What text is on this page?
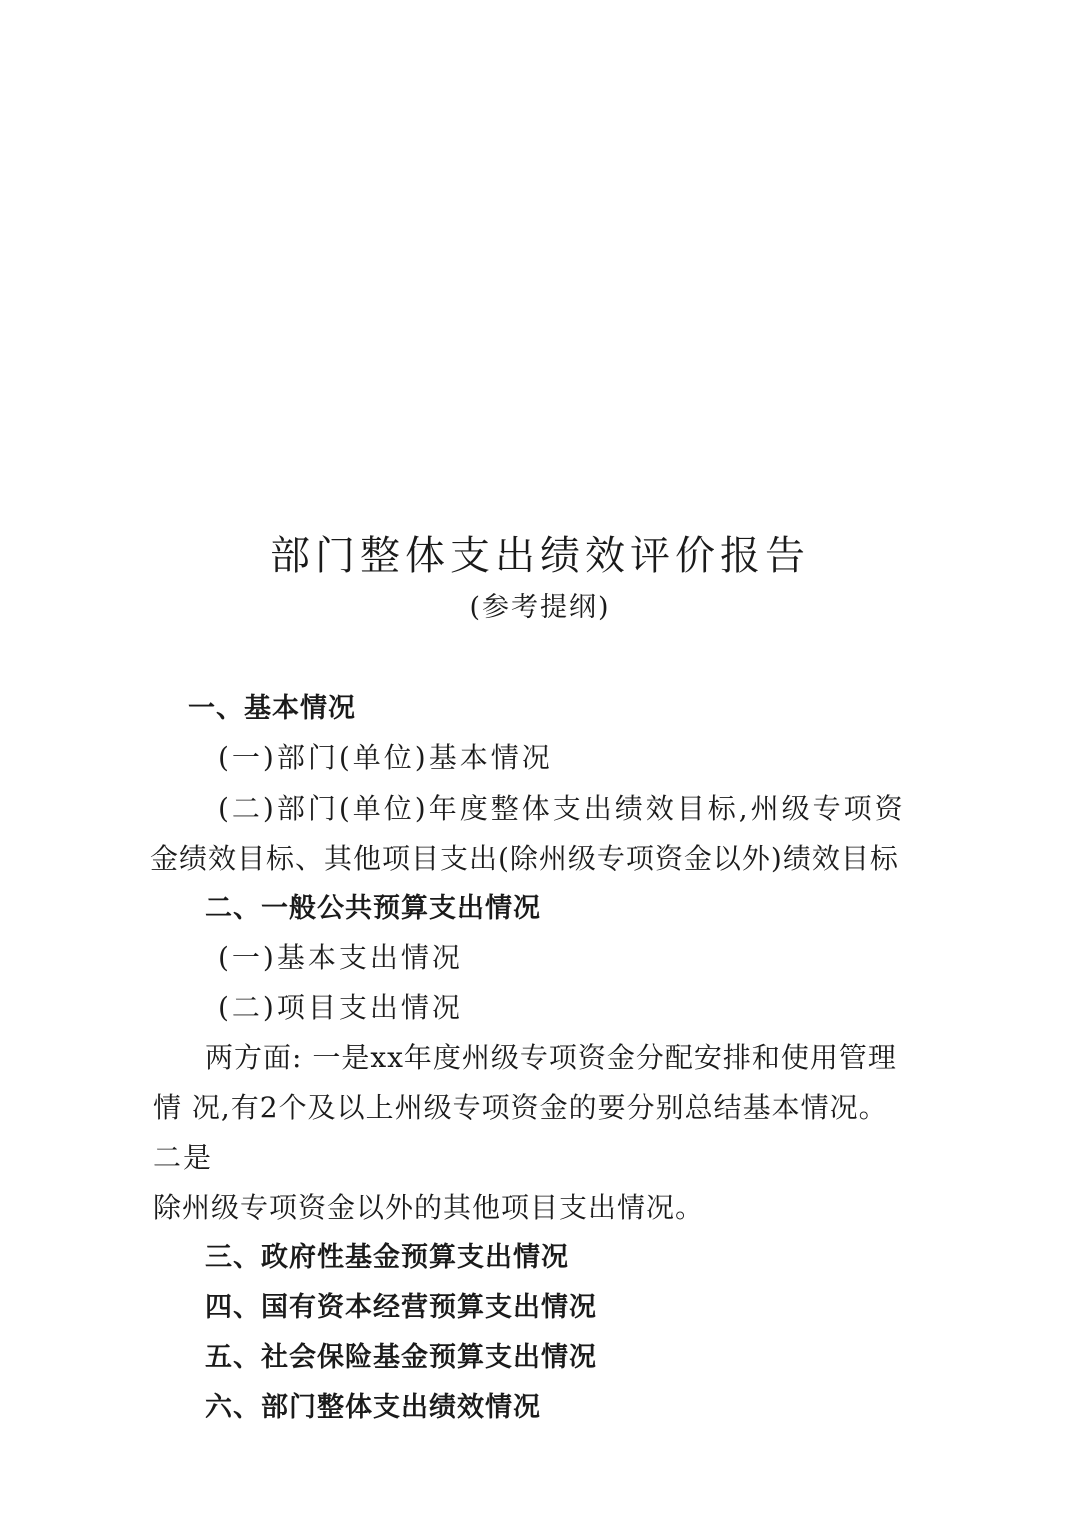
部门整体支出绩效评价报告
(参考提纲)
一、基本情况
(一)部门(单位)基本情况
(二)部门(单位)年度整体支出绩效目标,州级专项资
金绩效目标、其他项目支出(除州级专项资金以外)绩效目标
二、一般公共预算支出情况
(一)基本支出情况
(二)项目支出情况
两方面: 一是xx年度州级专项资金分配安排和使用管理
情 况,有2个及以上州级专项资金的要分别总结基本情况。
二是
除州级专项资金以外的其他项目支出情况。
三、政府性基金预算支出情况
四、国有资本经营预算支出情况
五、社会保险基金预算支出情况
六、部门整体支出绩效情况
